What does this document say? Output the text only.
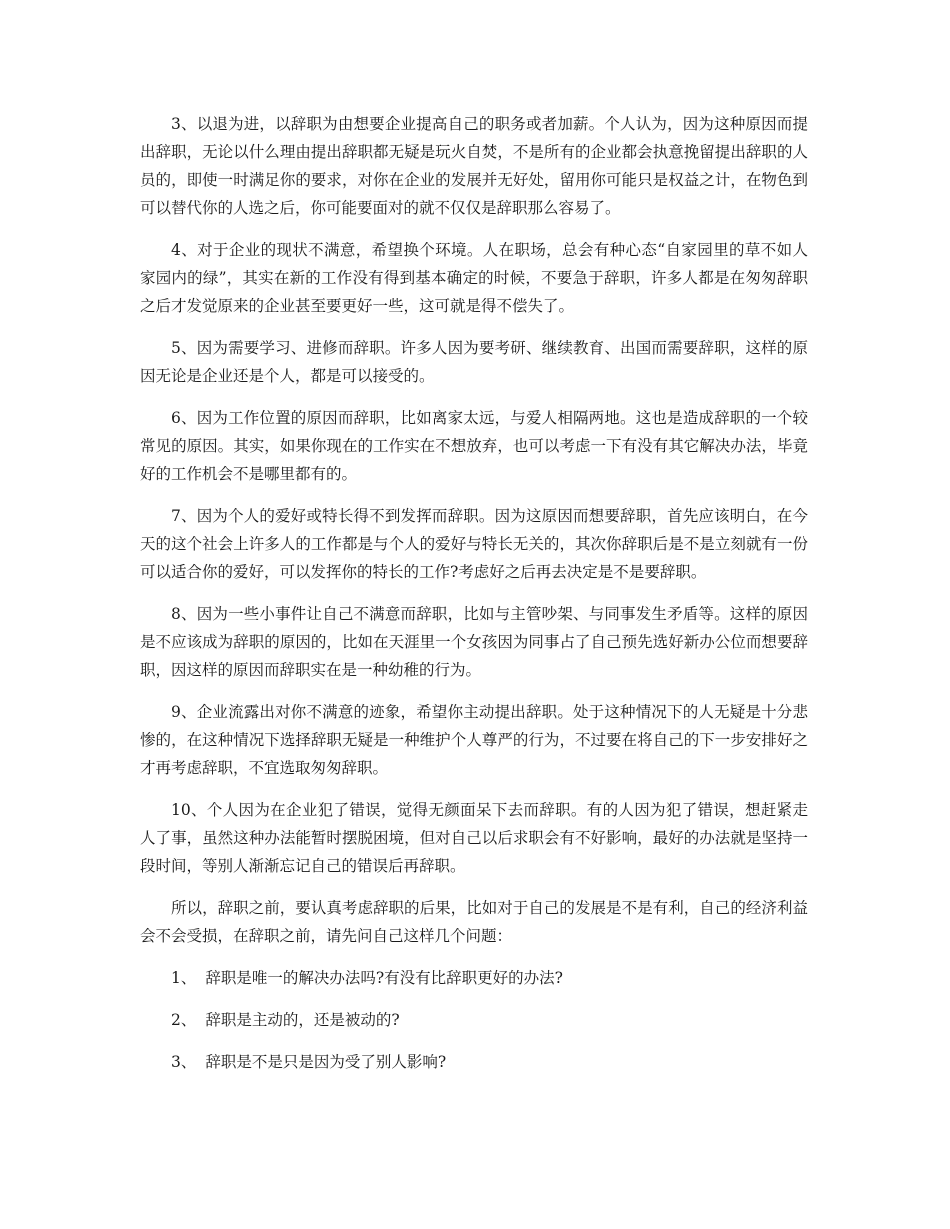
3、以退为进，以辞职为由想要企业提高自己的职务或者加薪。个人认为，因为这种原因而提出辞职，无论以什么理由提出辞职都无疑是玩火自焚，不是所有的企业都会执意挽留提出辞职的人员的，即使一时满足你的要求，对你在企业的发展并无好处，留用你可能只是权益之计，在物色到可以替代你的人选之后，你可能要面对的就不仅仅是辞职那么容易了。

4、对于企业的现状不满意，希望换个环境。人在职场，总会有种心态“自家园里的草不如人家园内的绿”，其实在新的工作没有得到基本确定的时候，不要急于辞职，许多人都是在匆匆辞职之后才发觉原来的企业甚至要更好一些，这可就是得不偿失了。

5、因为需要学习、进修而辞职。许多人因为要考研、继续教育、出国而需要辞职，这样的原因无论是企业还是个人，都是可以接受的。

6、因为工作位置的原因而辞职，比如离家太远，与爱人相隔两地。这也是造成辞职的一个较常见的原因。其实，如果你现在的工作实在不想放弃，也可以考虑一下有没有其它解决办法，毕竟好的工作机会不是哪里都有的。

7、因为个人的爱好或特长得不到发挥而辞职。因为这原因而想要辞职，首先应该明白，在今天的这个社会上许多人的工作都是与个人的爱好与特长无关的，其次你辞职后是不是立刻就有一份可以适合你的爱好，可以发挥你的特长的工作?考虑好之后再去决定是不是要辞职。

8、因为一些小事件让自己不满意而辞职，比如与主管吵架、与同事发生矛盾等。这样的原因是不应该成为辞职的原因的，比如在天涯里一个女孩因为同事占了自己预先选好新办公位而想要辞职，因这样的原因而辞职实在是一种幼稚的行为。

9、企业流露出对你不满意的迹象，希望你主动提出辞职。处于这种情况下的人无疑是十分悲惨的，在这种情况下选择辞职无疑是一种维护个人尊严的行为，不过要在将自己的下一步安排好之才再考虑辞职，不宜选取匆匆辞职。

10、个人因为在企业犯了错误，觉得无颜面呆下去而辞职。有的人因为犯了错误，想赶紧走人了事，虽然这种办法能暂时摆脱困境，但对自己以后求职会有不好影响，最好的办法就是坚持一段时间，等别人渐渐忘记自己的错误后再辞职。

所以，辞职之前，要认真考虑辞职的后果，比如对于自己的发展是不是有利，自己的经济利益会不会受损，在辞职之前，请先问自己这样几个问题：

1、 辞职是唯一的解决办法吗?有没有比辞职更好的办法?

2、 辞职是主动的，还是被动的?

3、 辞职是不是只是因为受了别人影响?
